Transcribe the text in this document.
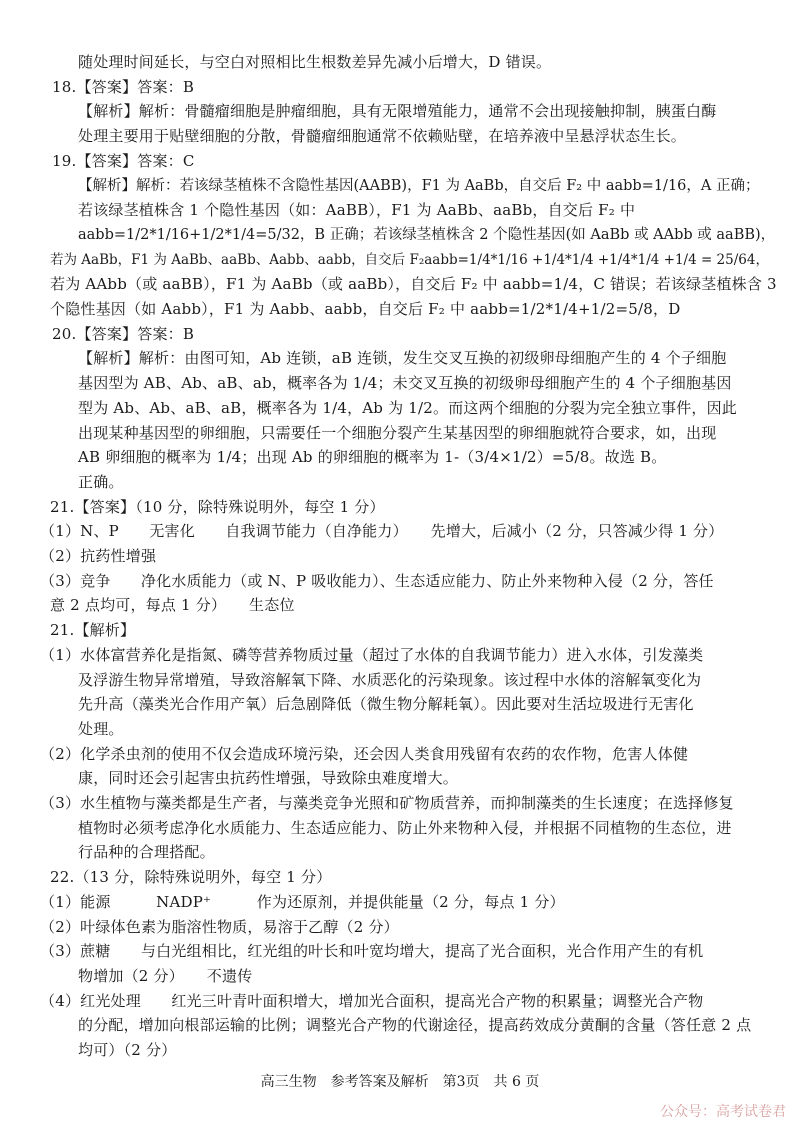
随处理时间延长，与空白对照相比生根数差异先减小后增大，D 错误。
18.【答案】答案：B
【解析】解析：骨髓瘤细胞是肿瘤细胞，具有无限增殖能力，通常不会出现接触抑制，胰蛋白酶
处理主要用于贴壁细胞的分散，骨髓瘤细胞通常不依赖贴壁，在培养液中呈悬浮状态生长。
19.【答案】答案：C
【解析】解析：若该绿茎植株不含隐性基因(AABB)，F1 为 AaBb，自交后 F₂ 中 aabb=1/16，A 正确；
若该绿茎植株含 1 个隐性基因（如：AaBB），F1 为 AaBb、aaBb，自交后 F₂ 中
aabb=1/2*1/16+1/2*1/4=5/32，B 正确；若该绿茎植株含 2 个隐性基因(如 AaBb 或 AAbb 或 aaBB)，
若为 AaBb，F1 为 AaBb、aaBb、Aabb、aabb，自交后 F₂aabb=1/4*1/16 +1/4*1/4 +1/4*1/4 +1/4 = 25/64，
若为 AAbb（或 aaBB），F1 为 AaBb（或 aaBb），自交后 F₂ 中 aabb=1/4，C 错误；若该绿茎植株含 3
个隐性基因（如 Aabb），F1 为 Aabb、aabb，自交后 F₂ 中 aabb=1/2*1/4+1/2=5/8，D
20.【答案】答案：B
【解析】解析：由图可知，Ab 连锁，aB 连锁，发生交叉互换的初级卵母细胞产生的 4 个子细胞
基因型为 AB、Ab、aB、ab，概率各为 1/4；未交叉互换的初级卵母细胞产生的 4 个子细胞基因
型为 Ab、Ab、aB、aB，概率各为 1/4，Ab 为 1/2。而这两个细胞的分裂为完全独立事件，因此
出现某种基因型的卵细胞，只需要任一个细胞分裂产生某基因型的卵细胞就符合要求，如，出现
AB 卵细胞的概率为 1/4；出现 Ab 的卵细胞的概率为 1-（3/4×1/2）=5/8。故选 B。
正确。
21.【答案】（10 分，除特殊说明外，每空 1 分）
（1）N、P　　无害化　　自我调节能力（自净能力）　　先增大，后减小（2 分，只答减少得 1 分）
（2）抗药性增强
（3）竞争　　净化水质能力（或 N、P 吸收能力）、生态适应能力、防止外来物种入侵（2 分，答任
意 2 点均可，每点 1 分）　　生态位
21.【解析】
（1）水体富营养化是指氮、磷等营养物质过量（超过了水体的自我调节能力）进入水体，引发藻类
及浮游生物异常增殖，导致溶解氧下降、水质恶化的污染现象。该过程中水体的溶解氧变化为
先升高（藻类光合作用产氧）后急剧降低（微生物分解耗氧）。因此要对生活垃圾进行无害化
处理。
（2）化学杀虫剂的使用不仅会造成环境污染，还会因人类食用残留有农药的农作物，危害人体健
康，同时还会引起害虫抗药性增强，导致除虫难度增大。
（3）水生植物与藻类都是生产者，与藻类竞争光照和矿物质营养，而抑制藻类的生长速度；在选择修复
植物时必须考虑净化水质能力、生态适应能力、防止外来物种入侵，并根据不同植物的生态位，进
行品种的合理搭配。
22.（13 分，除特殊说明外，每空 1 分）
（1）能源　　　NADP⁺　　　作为还原剂，并提供能量（2 分，每点 1 分）
（2）叶绿体色素为脂溶性物质，易溶于乙醇（2 分）
（3）蔗糖　　与白光组相比，红光组的叶长和叶宽均增大，提高了光合面积，光合作用产生的有机
物增加（2 分）　　不遗传
（4）红光处理　　红光三叶青叶面积增大，增加光合面积，提高光合产物的积累量；调整光合产物
的分配，增加向根部运输的比例；调整光合产物的代谢途径，提高药效成分黄酮的含量（答任意 2 点
均可）（2 分）
高三生物　参考答案及解析　第3页　共 6 页
公众号：高考试卷君
